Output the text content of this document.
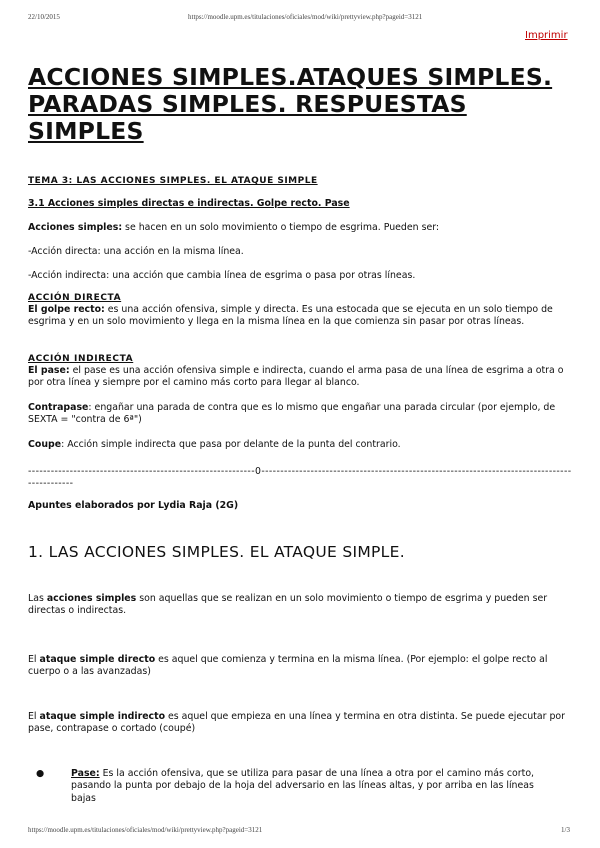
22/10/2015	https://moodle.upm.es/titulaciones/oficiales/mod/wiki/prettyview.php?pageid=3121
Imprimir
ACCIONES SIMPLES.ATAQUES SIMPLES. PARADAS SIMPLES. RESPUESTAS SIMPLES
TEMA 3: LAS ACCIONES SIMPLES. EL ATAQUE SIMPLE
3.1 Acciones simples directas e indirectas. Golpe recto. Pase
Acciones simples: se hacen en un solo movimiento o tiempo de esgrima. Pueden ser:
-Acción directa: una acción en la misma línea.
-Acción indirecta: una acción que cambia línea de esgrima o pasa por otras líneas.
ACCIÓN DIRECTA
El golpe recto: es una acción ofensiva, simple y directa. Es una estocada que se ejecuta en un solo tiempo de esgrima y en un solo movimiento y llega en la misma línea en la que comienza sin pasar por otras líneas.
ACCIÓN INDIRECTA
El pase: el pase es una acción ofensiva simple e indirecta, cuando el arma pasa de una línea de esgrima a otra o por otra línea y siempre por el camino más corto para llegar al blanco.
Contrapase: engañar una parada de contra que es lo mismo que engañar una parada circular (por ejemplo, de SEXTA = "contra de 6ª")
Coupe: Acción simple indirecta que pasa por delante de la punta del contrario.
------------------------------------------------------------0----------------------------------------------------------------------------------------------
Apuntes elaborados por Lydia Raja (2G)
1. LAS ACCIONES SIMPLES. EL ATAQUE SIMPLE.
Las acciones simples son aquellas que se realizan en un solo movimiento o tiempo de esgrima y pueden ser directas o indirectas.
El ataque simple directo es aquel que comienza y termina en la misma línea. (Por ejemplo: el golpe recto al cuerpo o a las avanzadas)
El ataque simple indirecto es aquel que empieza en una línea y termina en otra distinta. Se puede ejecutar por pase, contrapase o cortado (coupé)
●	Pase: Es la acción ofensiva, que se utiliza para pasar de una línea a otra por el camino más corto, pasando la punta por debajo de la hoja del adversario en las líneas altas, y por arriba en las líneas bajas
https://moodle.upm.es/titulaciones/oficiales/mod/wiki/prettyview.php?pageid=3121	1/3
